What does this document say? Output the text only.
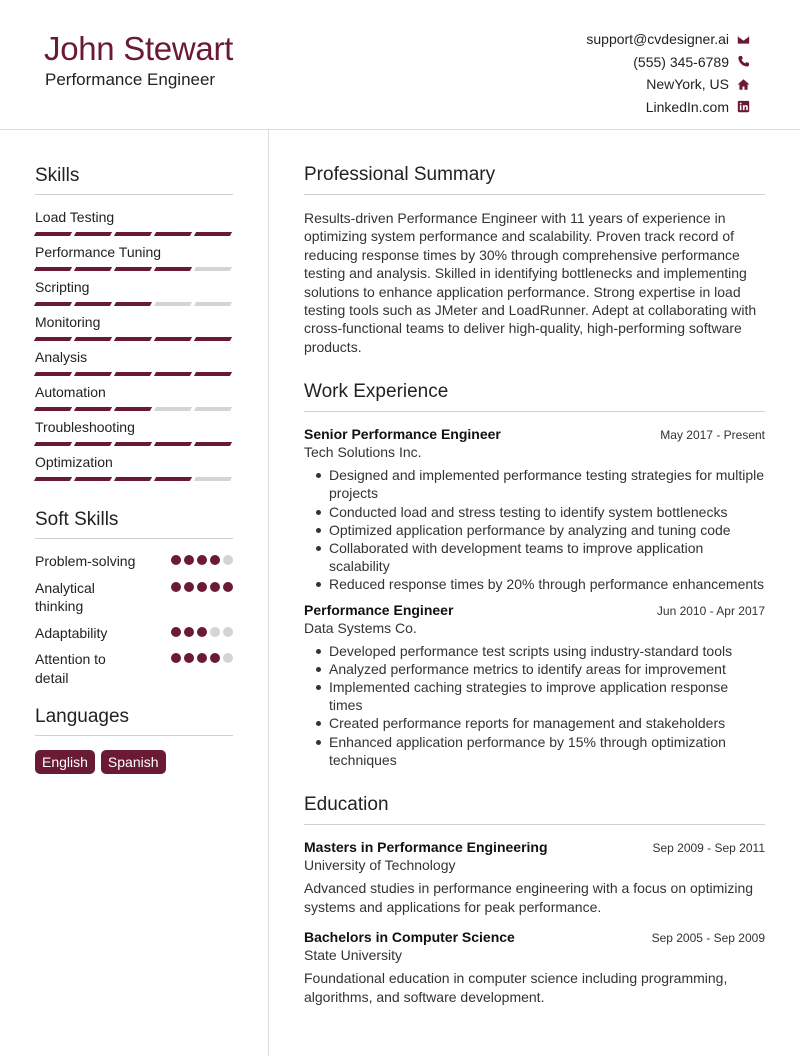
John Stewart
Performance Engineer
support@cvdesigner.ai
(555) 345-6789
NewYork, US
LinkedIn.com
Skills
Load Testing
Performance Tuning
Scripting
Monitoring
Analysis
Automation
Troubleshooting
Optimization
Soft Skills
Problem-solving
Analytical thinking
Adaptability
Attention to detail
Languages
English	Spanish
Professional Summary

Results-driven Performance Engineer with 11 years of experience in optimizing system performance and scalability. Proven track record of reducing response times by 30% through comprehensive performance testing and analysis. Skilled in identifying bottlenecks and implementing solutions to enhance application performance. Strong expertise in load testing tools such as JMeter and LoadRunner. Adept at collaborating with cross-functional teams to deliver high-quality, high-performing software products.

Work Experience
Senior Performance Engineer	May 2017 - Present
Tech Solutions Inc.
Designed and implemented performance testing strategies for multiple projects
Conducted load and stress testing to identify system bottlenecks
Optimized application performance by analyzing and tuning code
Collaborated with development teams to improve application scalability
Reduced response times by 20% through performance enhancements
Performance Engineer	Jun 2010 - Apr 2017
Data Systems Co.
Developed performance test scripts using industry-standard tools
Analyzed performance metrics to identify areas for improvement
Implemented caching strategies to improve application response times
Created performance reports for management and stakeholders
Enhanced application performance by 15% through optimization techniques
Education
Masters in Performance Engineering	Sep 2009 - Sep 2011
University of Technology
Advanced studies in performance engineering with a focus on optimizing systems and applications for peak performance.
Bachelors in Computer Science	Sep 2005 - Sep 2009
State University
Foundational education in computer science including programming, algorithms, and software development.
